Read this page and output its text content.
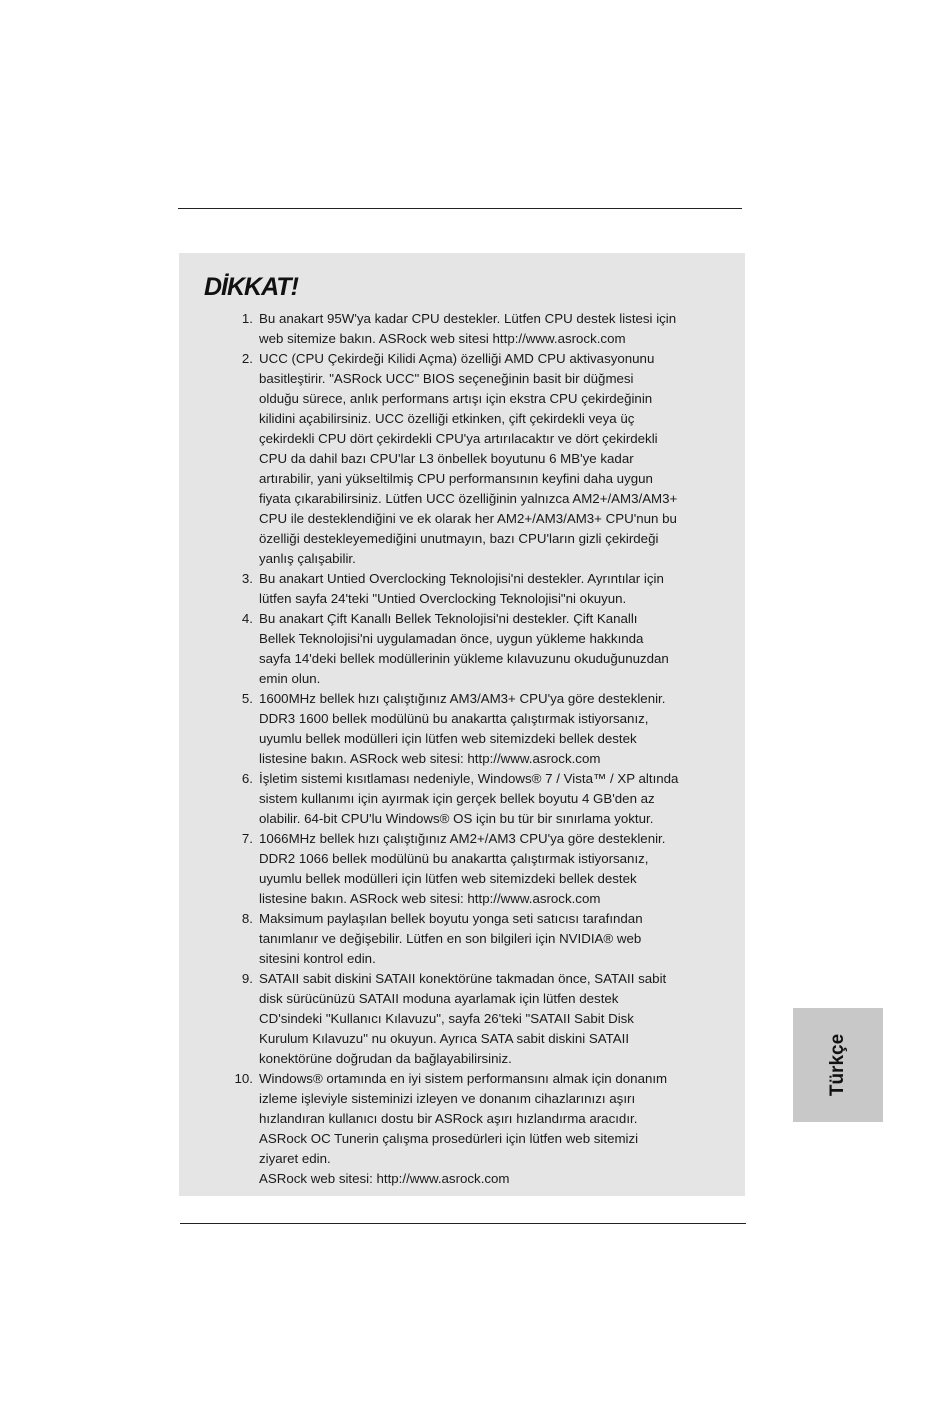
DİKKAT!
1. Bu anakart 95W'ya kadar CPU destekler. Lütfen CPU destek listesi için
web sitemize bakın. ASRock web sitesi http://www.asrock.com
2. UCC (CPU Çekirdeği Kilidi Açma) özelliği AMD CPU aktivasyonunu
basitleştirir. "ASRock UCC" BIOS seçeneğinin basit bir düğmesi
olduğu sürece, anlık performans artışı için ekstra CPU çekirdeğinin
kilidini açabilirsiniz. UCC özelliği etkinken, çift çekirdekli veya üç
çekirdekli CPU dört çekirdekli CPU'ya artırılacaktır ve dört çekirdekli
CPU da dahil bazı CPU'lar L3 önbellek boyutunu 6 MB'ye kadar
artırabilir, yani yükseltilmiş CPU performansının keyfini daha uygun
fiyata çıkarabilirsiniz. Lütfen UCC özelliğinin yalnızca AM2+/AM3/AM3+
CPU ile desteklendiğini ve ek olarak her AM2+/AM3/AM3+ CPU'nun bu
özelliği destekleyemediğini unutmayın, bazı CPU'ların gizli çekirdeği
yanlış çalışabilir.
3. Bu anakart Untied Overclocking Teknolojisi'ni destekler. Ayrıntılar için
lütfen sayfa 24'teki "Untied Overclocking Teknolojisi"ni okuyun.
4. Bu anakart Çift Kanallı Bellek Teknolojisi'ni destekler. Çift Kanallı
Bellek Teknolojisi'ni uygulamadan önce, uygun yükleme hakkında
sayfa 14'deki bellek modüllerinin yükleme kılavuzunu okuduğunuzdan
emin olun.
5. 1600MHz bellek hızı çalıştığınız AM3/AM3+ CPU'ya göre desteklenir.
DDR3 1600 bellek modülünü bu anakartta çalıştırmak istiyorsanız,
uyumlu bellek modülleri için lütfen web sitemizdeki bellek destek
listesine bakın. ASRock web sitesi: http://www.asrock.com
6. İşletim sistemi kısıtlaması nedeniyle, Windows® 7 / Vista™ / XP altında
sistem kullanımı için ayırmak için gerçek bellek boyutu 4 GB'den az
olabilir. 64-bit CPU'lu Windows® OS için bu tür bir sınırlama yoktur.
7. 1066MHz bellek hızı çalıştığınız AM2+/AM3 CPU'ya göre desteklenir.
DDR2 1066 bellek modülünü bu anakartta çalıştırmak istiyorsanız,
uyumlu bellek modülleri için lütfen web sitemizdeki bellek destek
listesine bakın. ASRock web sitesi: http://www.asrock.com
8. Maksimum paylaşılan bellek boyutu yonga seti satıcısı tarafından
tanımlanır ve değişebilir. Lütfen en son bilgileri için NVIDIA® web
sitesini kontrol edin.
9. SATAII sabit diskini SATAII konektörüne takmadan önce, SATAII sabit
disk sürücünüzü SATAII moduna ayarlamak için lütfen destek
CD'sindeki "Kullanıcı Kılavuzu", sayfa 26'teki "SATAII Sabit Disk
Kurulum Kılavuzu" nu okuyun. Ayrıca SATA sabit diskini SATAII
konektörüne doğrudan da bağlayabilirsiniz.
10. Windows® ortamında en iyi sistem performansını almak için donanım
izleme işleviyle sisteminizi izleyen ve donanım cihazlarınızı aşırı
hızlandıran kullanıcı dostu bir ASRock aşırı hızlandırma aracıdır.
ASRock OC Tunerin çalışma prosedürleri için lütfen web sitemizi
ziyaret edin.
ASRock web sitesi: http://www.asrock.com
Türkçe
